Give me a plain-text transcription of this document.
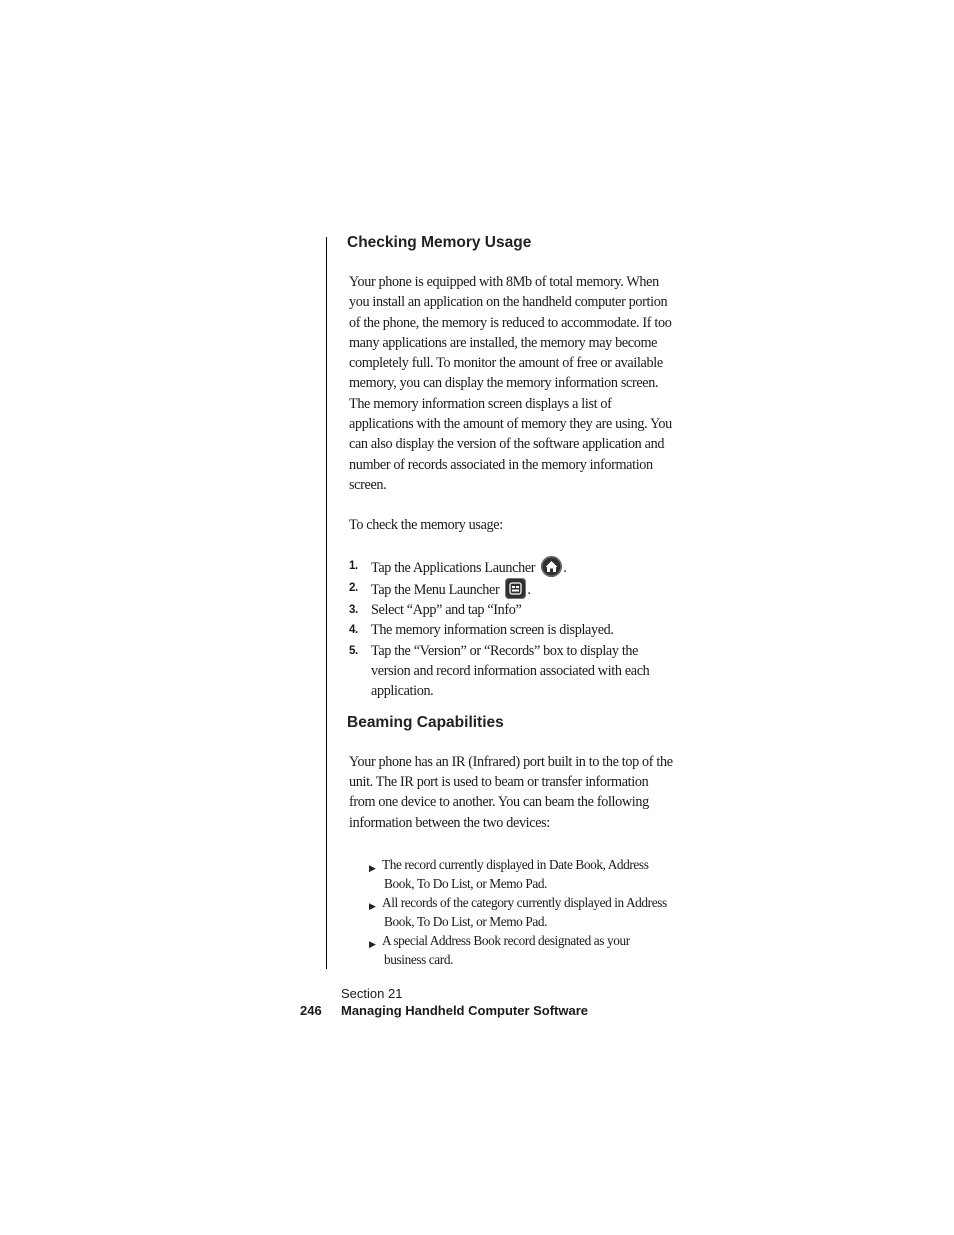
Checking Memory Usage

Your phone is equipped with 8Mb of total memory. When you install an application on the handheld computer portion of the phone, the memory is reduced to accommodate. If too many applications are installed, the memory may become completely full. To monitor the amount of free or available memory, you can display the memory information screen. The memory information screen displays a list of applications with the amount of memory they are using. You can also display the version of the software application and number of records associated in the memory information screen.

To check the memory usage:

1. Tap the Applications Launcher .
2. Tap the Menu Launcher .
3. Select “App” and tap “Info”
4. The memory information screen is displayed.
5. Tap the “Version” or “Records” box to display the version and record information associated with each application.
Beaming Capabilities

Your phone has an IR (Infrared) port built in to the top of the unit. The IR port is used to beam or transfer information from one device to another. You can beam the following information between the two devices:

▶ The record currently displayed in Date Book, Address Book, To Do List, or Memo Pad.
▶ All records of the category currently displayed in Address Book, To Do List, or Memo Pad.
▶ A special Address Book record designated as your business card.
Section 21
246 Managing Handheld Computer Software
